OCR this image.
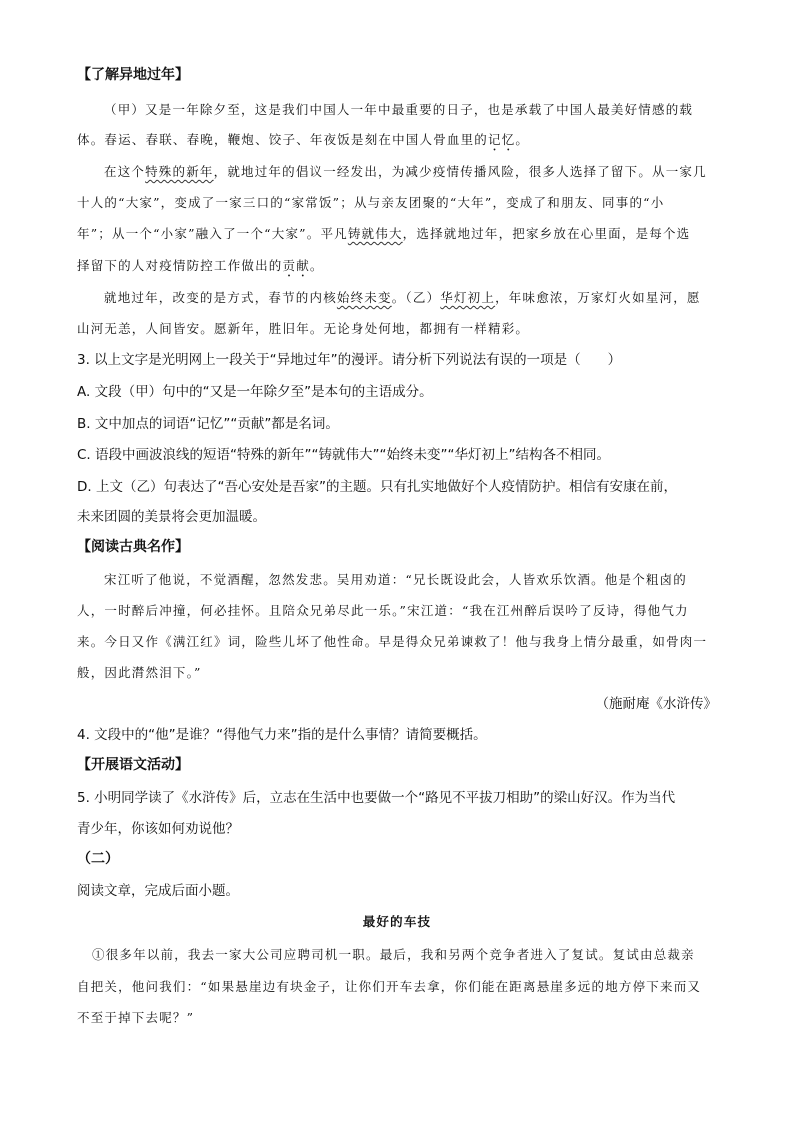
【了解异地过年】
（甲）又是一年除夕至，这是我们中国人一年中最重要的日子，也是承载了中国人最美好情感的载
体。春运、春联、春晚，鞭炮、饺子、年夜饭是刻在中国人骨血里的记忆。
在这个特殊的新年，就地过年的倡议一经发出，为减少疫情传播风险，很多人选择了留下。从一家几
十人的“大家”，变成了一家三口的“家常饭”；从与亲友团聚的“大年”，变成了和朋友、同事的“小
年”；从一个“小家”融入了一个“大家”。平凡铸就伟大，选择就地过年，把家乡放在心里面，是每个选
择留下的人对疫情防控工作做出的贡献。
就地过年，改变的是方式，春节的内核始终未变。（乙）华灯初上，年味愈浓，万家灯火如星河，愿
山河无恙，人间皆安。愿新年，胜旧年。无论身处何地，都拥有一样精彩。
3. 以上文字是光明网上一段关于“异地过年”的漫评。请分析下列说法有误的一项是（　　）
A. 文段（甲）句中的“又是一年除夕至”是本句的主语成分。
B. 文中加点的词语“记忆”“贡献”都是名词。
C. 语段中画波浪线的短语“特殊的新年”“铸就伟大”“始终未变”“华灯初上”结构各不相同。
D. 上文（乙）句表达了“吾心安处是吾家”的主题。只有扎实地做好个人疫情防护。相信有安康在前，
未来团圆的美景将会更加温暖。
【阅读古典名作】
宋江听了他说，不觉酒醒，忽然发悲。吴用劝道：“兄长既设此会，人皆欢乐饮酒。他是个粗卤的
人，一时醉后冲撞，何必挂怀。且陪众兄弟尽此一乐。”宋江道：“我在江州醉后误吟了反诗，得他气力
来。今日又作《满江红》词，险些儿坏了他性命。早是得众兄弟谏救了！他与我身上情分最重，如骨肉一
般，因此潸然泪下。”
（施耐庵《水浒传》
4. 文段中的“他”是谁？“得他气力来”指的是什么事情？请简要概括。
【开展语文活动】
5. 小明同学读了《水浒传》后，立志在生活中也要做一个“路见不平拔刀相助”的梁山好汉。作为当代
青少年，你该如何劝说他？
（二）
阅读文章，完成后面小题。
最好的车技
①很多年以前，我去一家大公司应聘司机一职。最后，我和另两个竞争者进入了复试。复试由总裁亲
自把关，他问我们：“如果悬崖边有块金子，让你们开车去拿，你们能在距离悬崖多远的地方停下来而又
不至于掉下去呢？”
